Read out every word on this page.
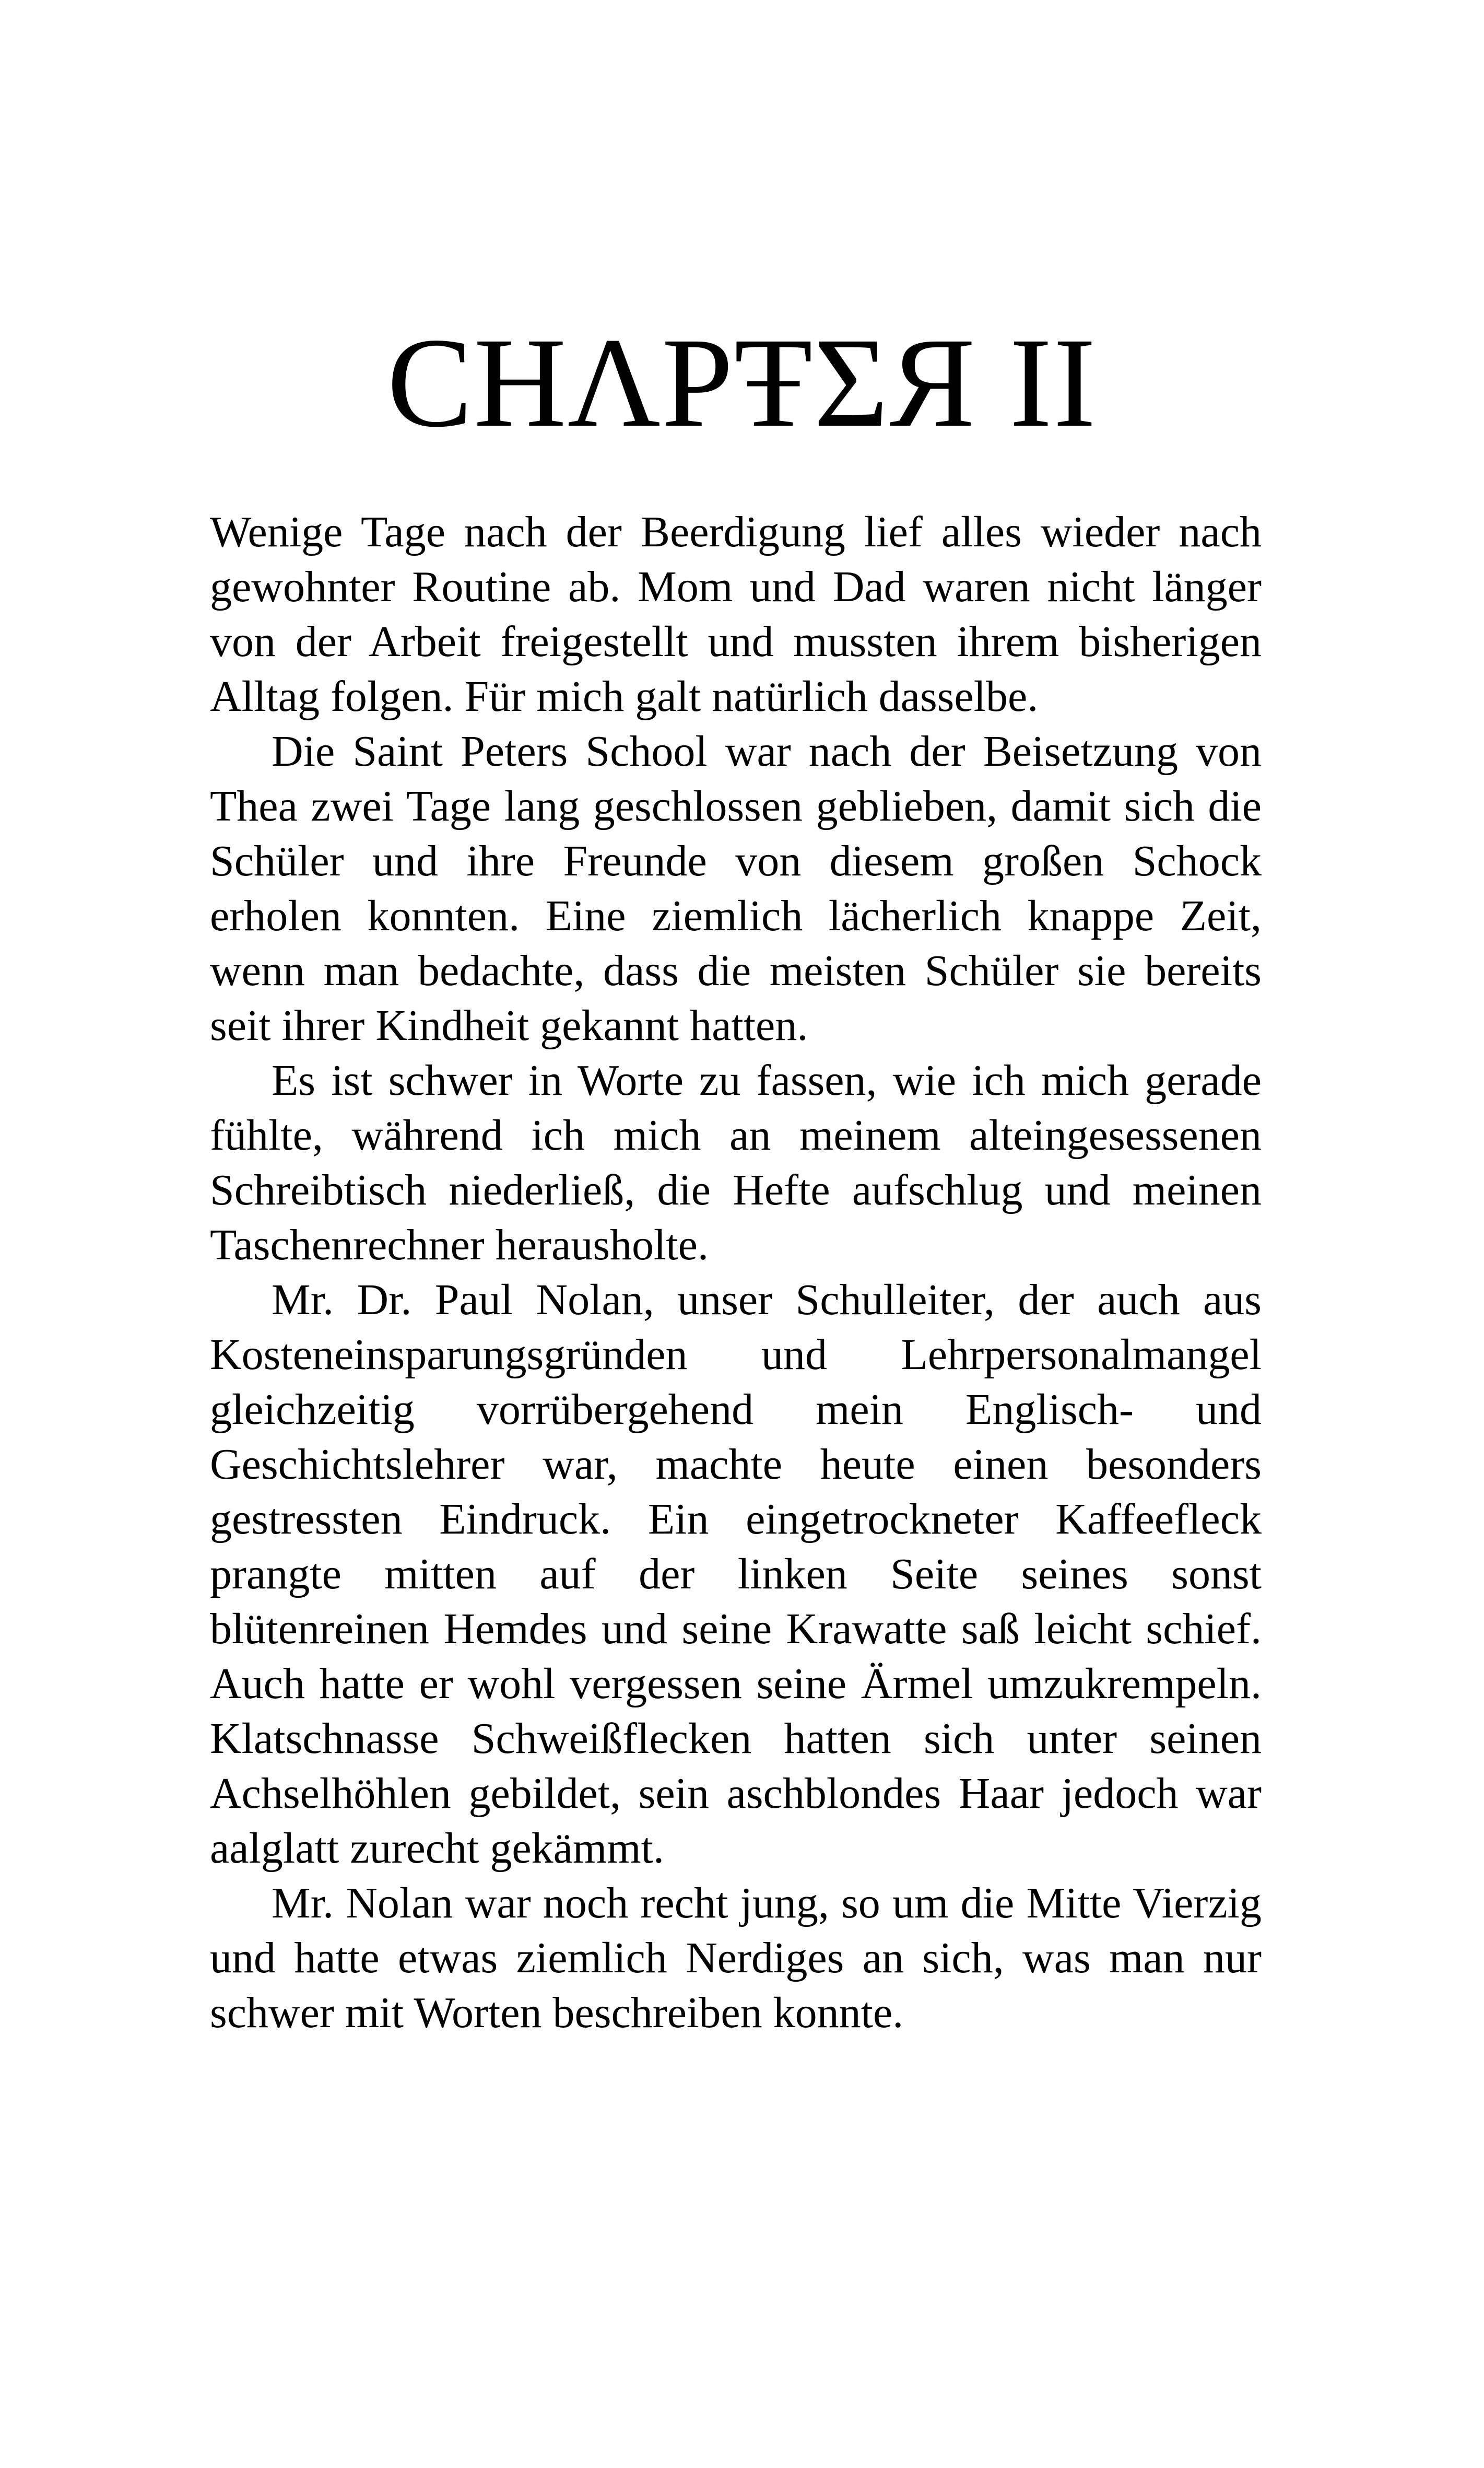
CHΛPŦΣЯ II

Wenige Tage nach der Beerdigung lief alles wieder nach gewohnter Routine ab. Mom und Dad waren nicht länger von der Arbeit freigestellt und mussten ihrem bisherigen Alltag folgen. Für mich galt natürlich dasselbe.

Die Saint Peters School war nach der Beisetzung von Thea zwei Tage lang geschlossen geblieben, damit sich die Schüler und ihre Freunde von diesem großen Schock erholen konnten. Eine ziemlich lächerlich knappe Zeit, wenn man bedachte, dass die meisten Schüler sie bereits seit ihrer Kindheit gekannt hatten.

Es ist schwer in Worte zu fassen, wie ich mich gerade fühlte, während ich mich an meinem alteingesessenen Schreibtisch niederließ, die Hefte aufschlug und meinen Taschenrechner herausholte.

Mr. Dr. Paul Nolan, unser Schulleiter, der auch aus Kosteneinsparungsgründen und Lehrpersonalmangel gleichzeitig vorrübergehend mein Englisch- und Geschichtslehrer war, machte heute einen besonders gestressten Eindruck. Ein eingetrockneter Kaffeefleck prangte mitten auf der linken Seite seines sonst blütenreinen Hemdes und seine Krawatte saß leicht schief. Auch hatte er wohl vergessen seine Ärmel umzukrempeln. Klatschnasse Schweißflecken hatten sich unter seinen Achselhöhlen gebildet, sein aschblondes Haar jedoch war aalglatt zurecht gekämmt.

Mr. Nolan war noch recht jung, so um die Mitte Vierzig und hatte etwas ziemlich Nerdiges an sich, was man nur schwer mit Worten beschreiben konnte.
